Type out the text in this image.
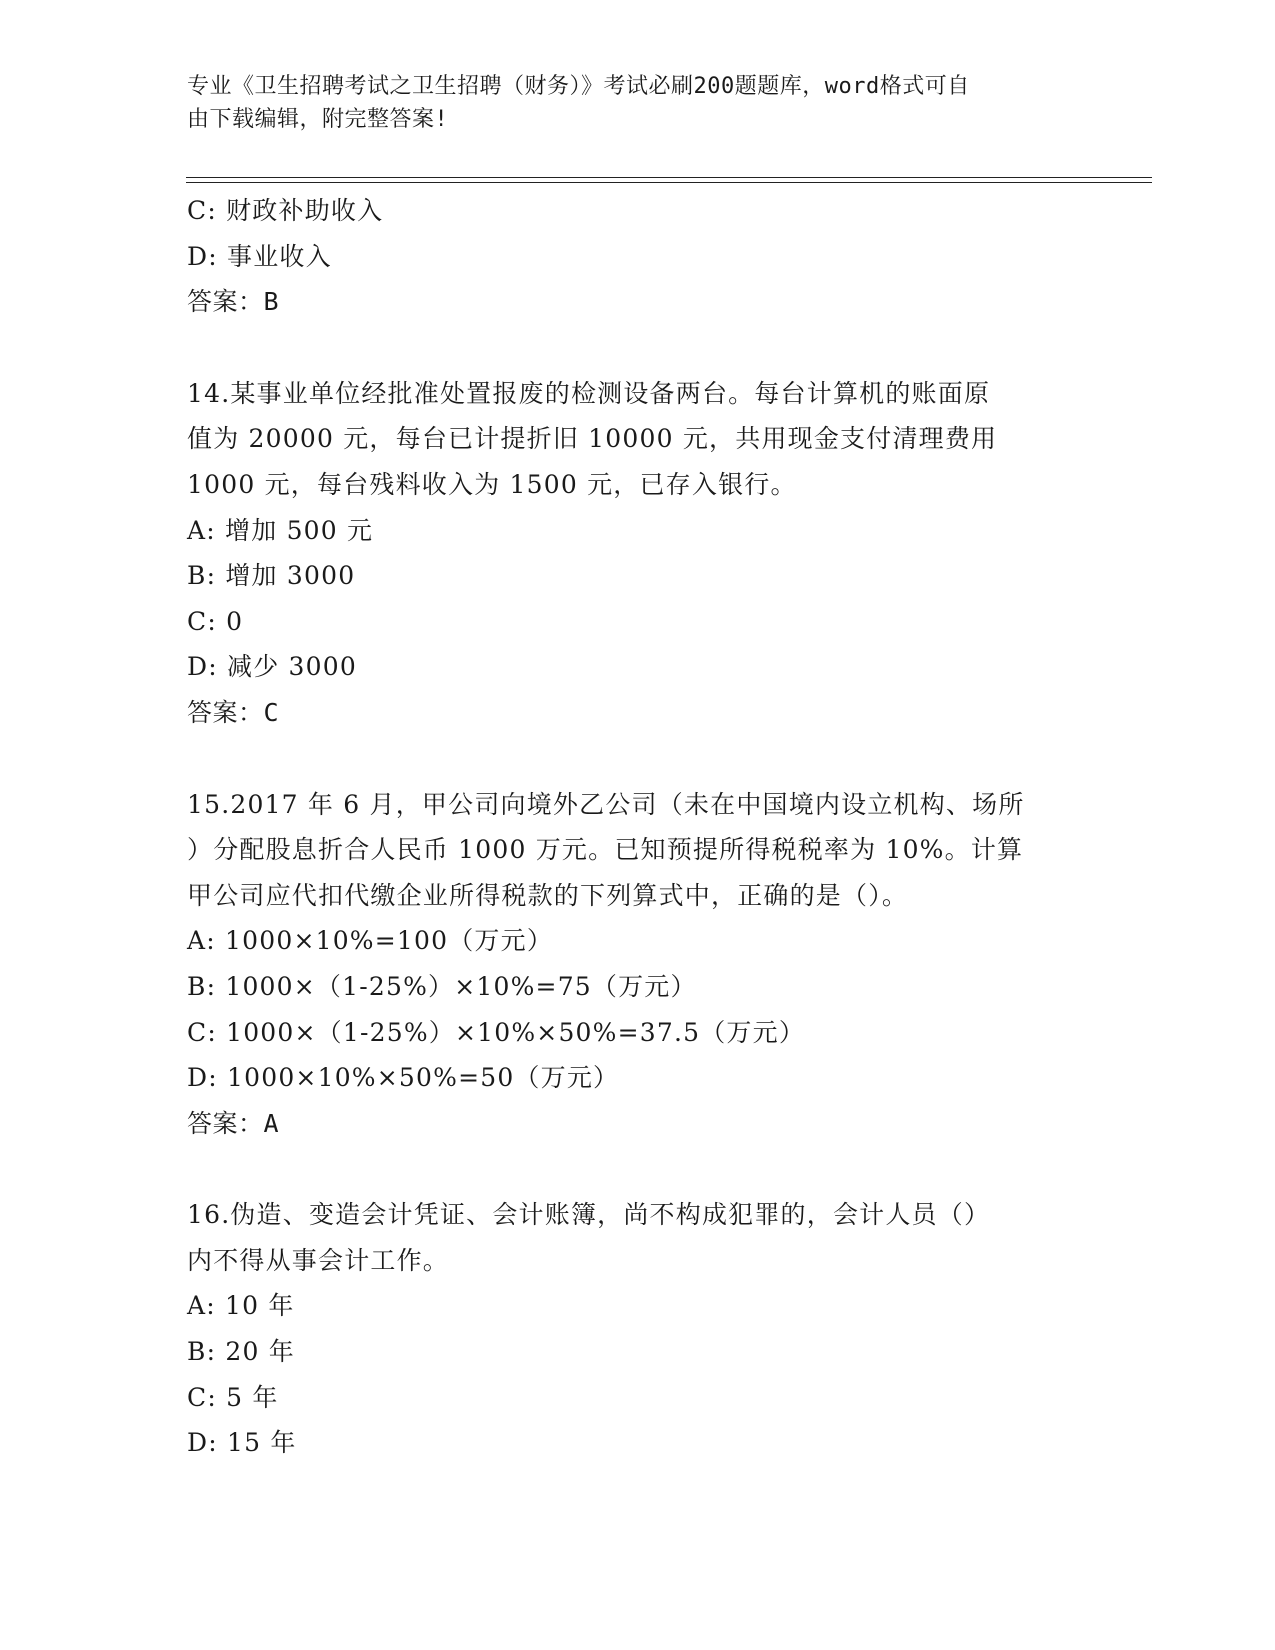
专业《卫生招聘考试之卫生招聘（财务）》考试必刷200题题库，word格式可自
由下载编辑，附完整答案!
C: 财政补助收入
D: 事业收入
答案：B
14.某事业单位经批准处置报废的检测设备两台。每台计算机的账面原
值为 20000 元，每台已计提折旧 10000 元，共用现金支付清理费用
1000 元，每台残料收入为 1500 元，已存入银行。
A: 增加 500 元
B: 增加 3000
C: 0
D: 减少 3000
答案：C
15.2017 年 6 月，甲公司向境外乙公司（未在中国境内设立机构、场所
）分配股息折合人民币 1000 万元。已知预提所得税税率为 10%。计算
甲公司应代扣代缴企业所得税款的下列算式中，正确的是（）。
A: 1000×10%=100（万元）
B: 1000×（1-25%）×10%=75（万元）
C: 1000×（1-25%）×10%×50%=37.5（万元）
D: 1000×10%×50%=50（万元）
答案：A
16.伪造、变造会计凭证、会计账簿，尚不构成犯罪的，会计人员（）
内不得从事会计工作。
A: 10 年
B: 20 年
C: 5 年
D: 15 年
